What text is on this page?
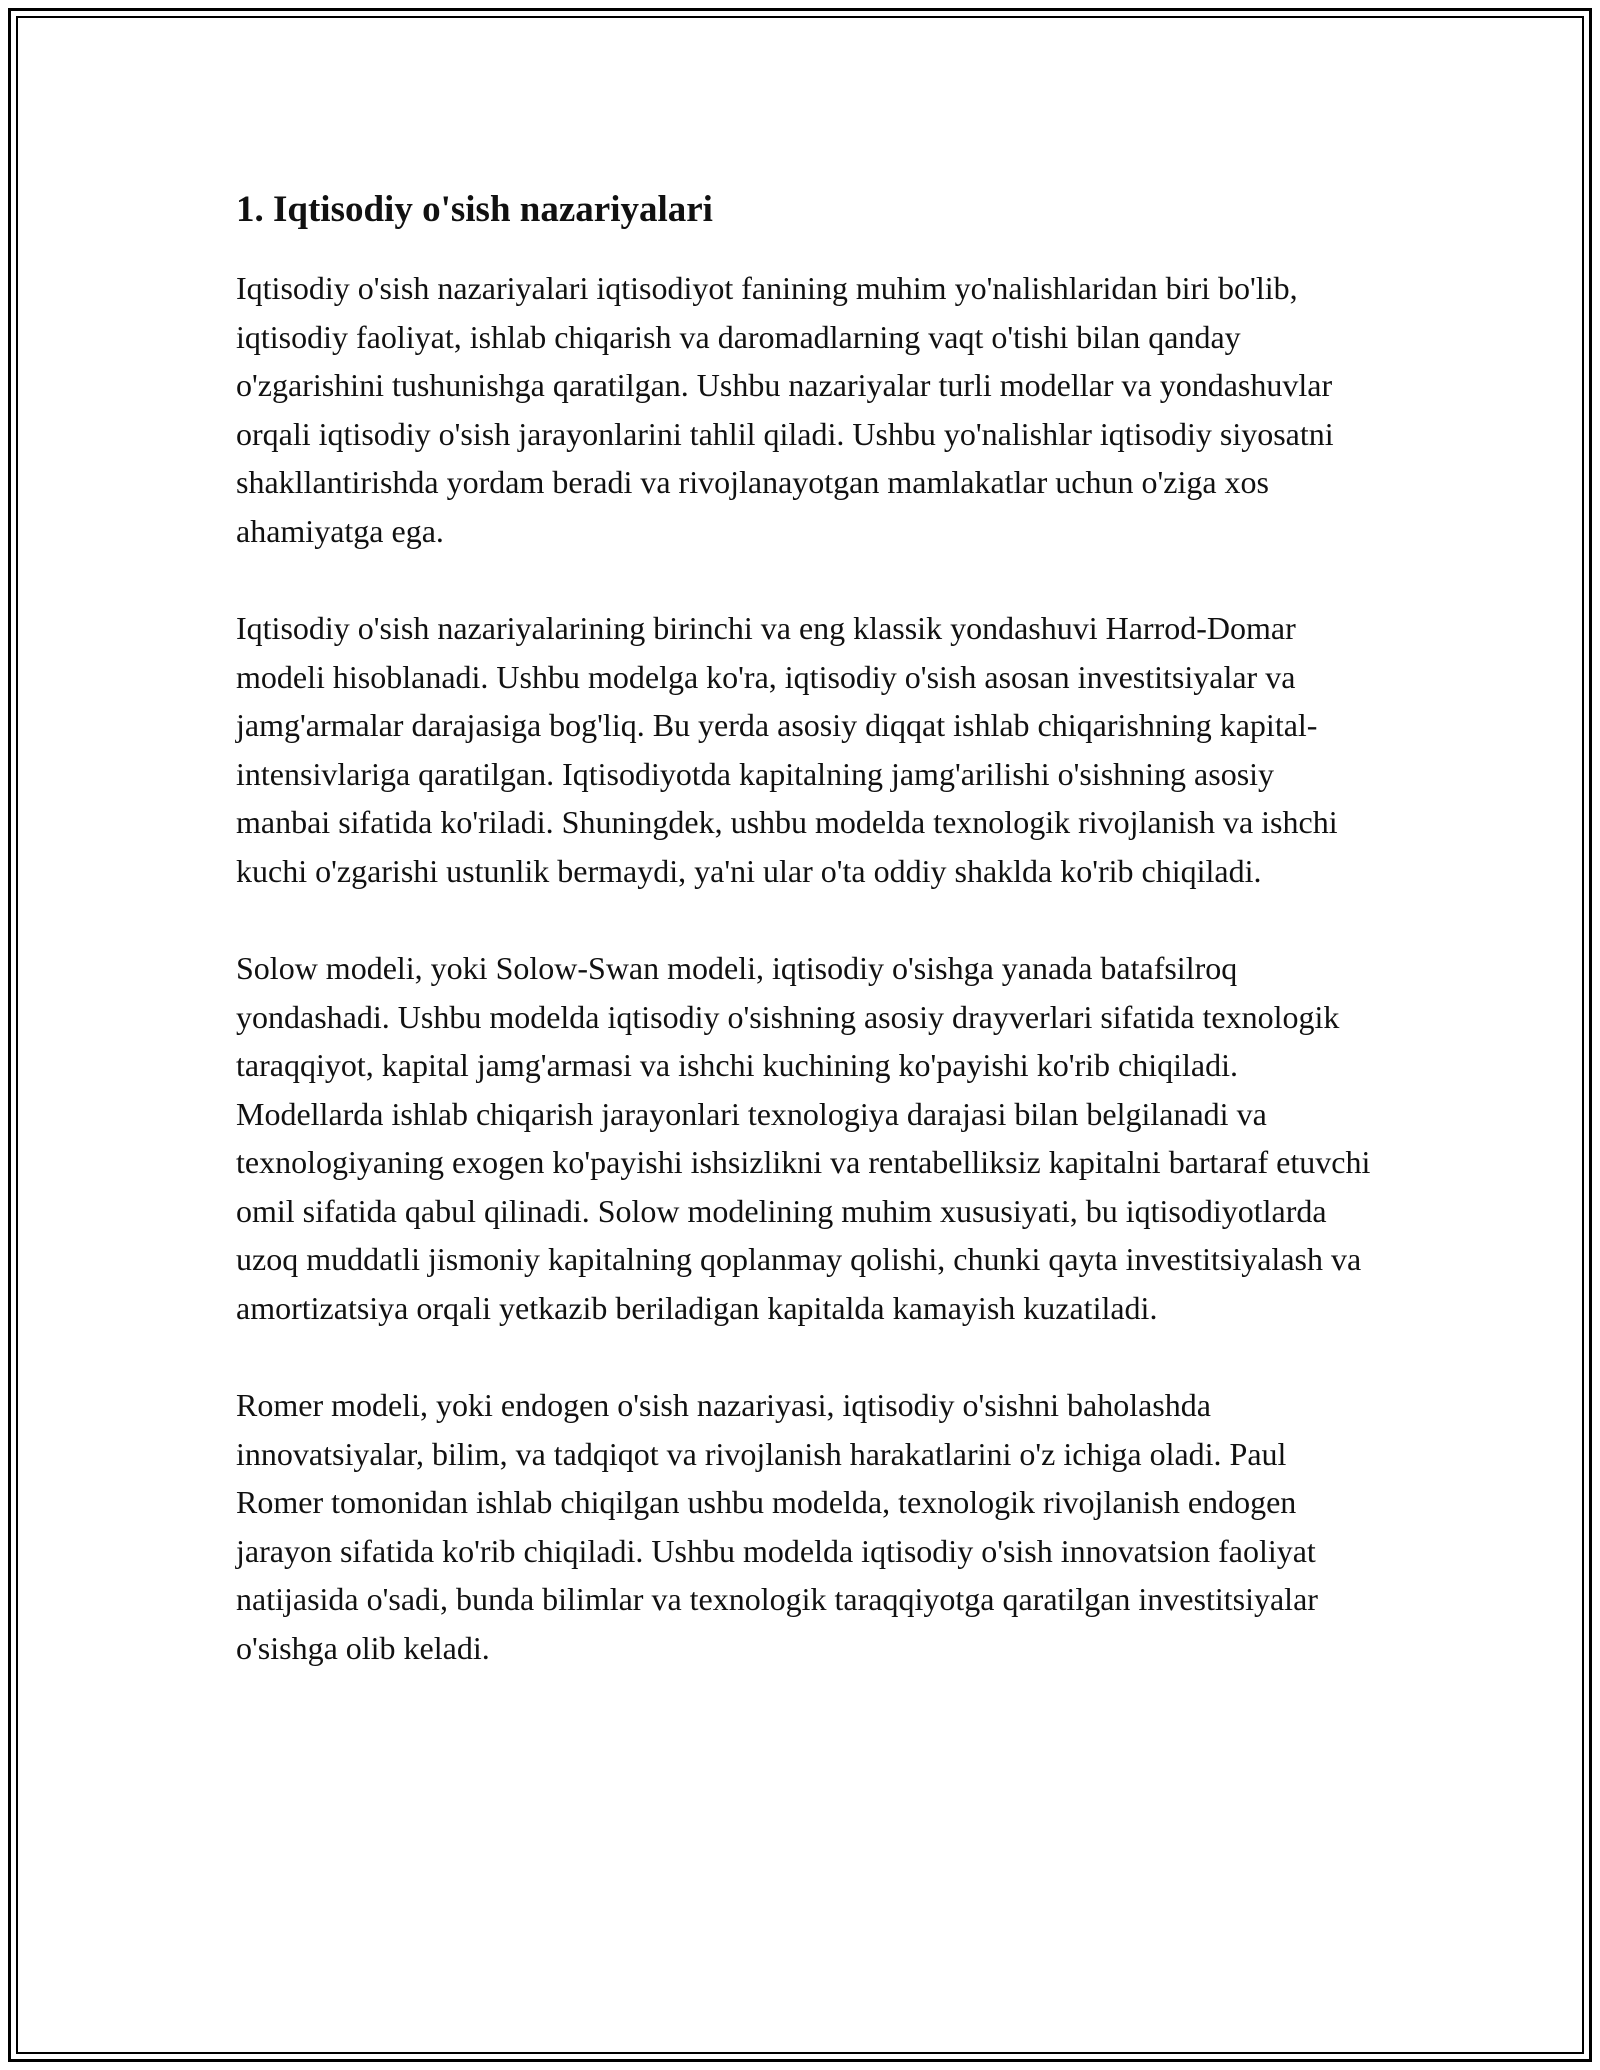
1. Iqtisodiy o'sish nazariyalari

Iqtisodiy o'sish nazariyalari iqtisodiyot fanining muhim yo'nalishlaridan biri bo'lib, iqtisodiy faoliyat, ishlab chiqarish va daromadlarning vaqt o'tishi bilan qanday o'zgarishini tushunishga qaratilgan. Ushbu nazariyalar turli modellar va yondashuvlar orqali iqtisodiy o'sish jarayonlarini tahlil qiladi. Ushbu yo'nalishlar iqtisodiy siyosatni shakllantirishda yordam beradi va rivojlanayotgan mamlakatlar uchun o'ziga xos ahamiyatga ega.

Iqtisodiy o'sish nazariyalarining birinchi va eng klassik yondashuvi Harrod-Domar modeli hisoblanadi. Ushbu modelga ko'ra, iqtisodiy o'sish asosan investitsiyalar va jamg'armalar darajasiga bog'liq. Bu yerda asosiy diqqat ishlab chiqarishning kapital-intensivlariga qaratilgan. Iqtisodiyotda kapitalning jamg'arilishi o'sishning asosiy manbai sifatida ko'riladi. Shuningdek, ushbu modelda texnologik rivojlanish va ishchi kuchi o'zgarishi ustunlik bermaydi, ya'ni ular o'ta oddiy shaklda ko'rib chiqiladi.

Solow modeli, yoki Solow-Swan modeli, iqtisodiy o'sishga yanada batafsilroq yondashadi. Ushbu modelda iqtisodiy o'sishning asosiy drayverlari sifatida texnologik taraqqiyot, kapital jamg'armasi va ishchi kuchining ko'payishi ko'rib chiqiladi. Modellarda ishlab chiqarish jarayonlari texnologiya darajasi bilan belgilanadi va texnologiyaning exogen ko'payishi ishsizlikni va rentabelliksiz kapitalni bartaraf etuvchi omil sifatida qabul qilinadi. Solow modelining muhim xususiyati, bu iqtisodiyotlarda uzoq muddatli jismoniy kapitalning qoplanmay qolishi, chunki qayta investitsiyalash va amortizatsiya orqali yetkazib beriladigan kapitalda kamayish kuzatiladi.

Romer modeli, yoki endogen o'sish nazariyasi, iqtisodiy o'sishni baholashda innovatsiyalar, bilim, va tadqiqot va rivojlanish harakatlarini o'z ichiga oladi. Paul Romer tomonidan ishlab chiqilgan ushbu modelda, texnologik rivojlanish endogen jarayon sifatida ko'rib chiqiladi. Ushbu modelda iqtisodiy o'sish innovatsion faoliyat natijasida o'sadi, bunda bilimlar va texnologik taraqqiyotga qaratilgan investitsiyalar o'sishga olib keladi.
